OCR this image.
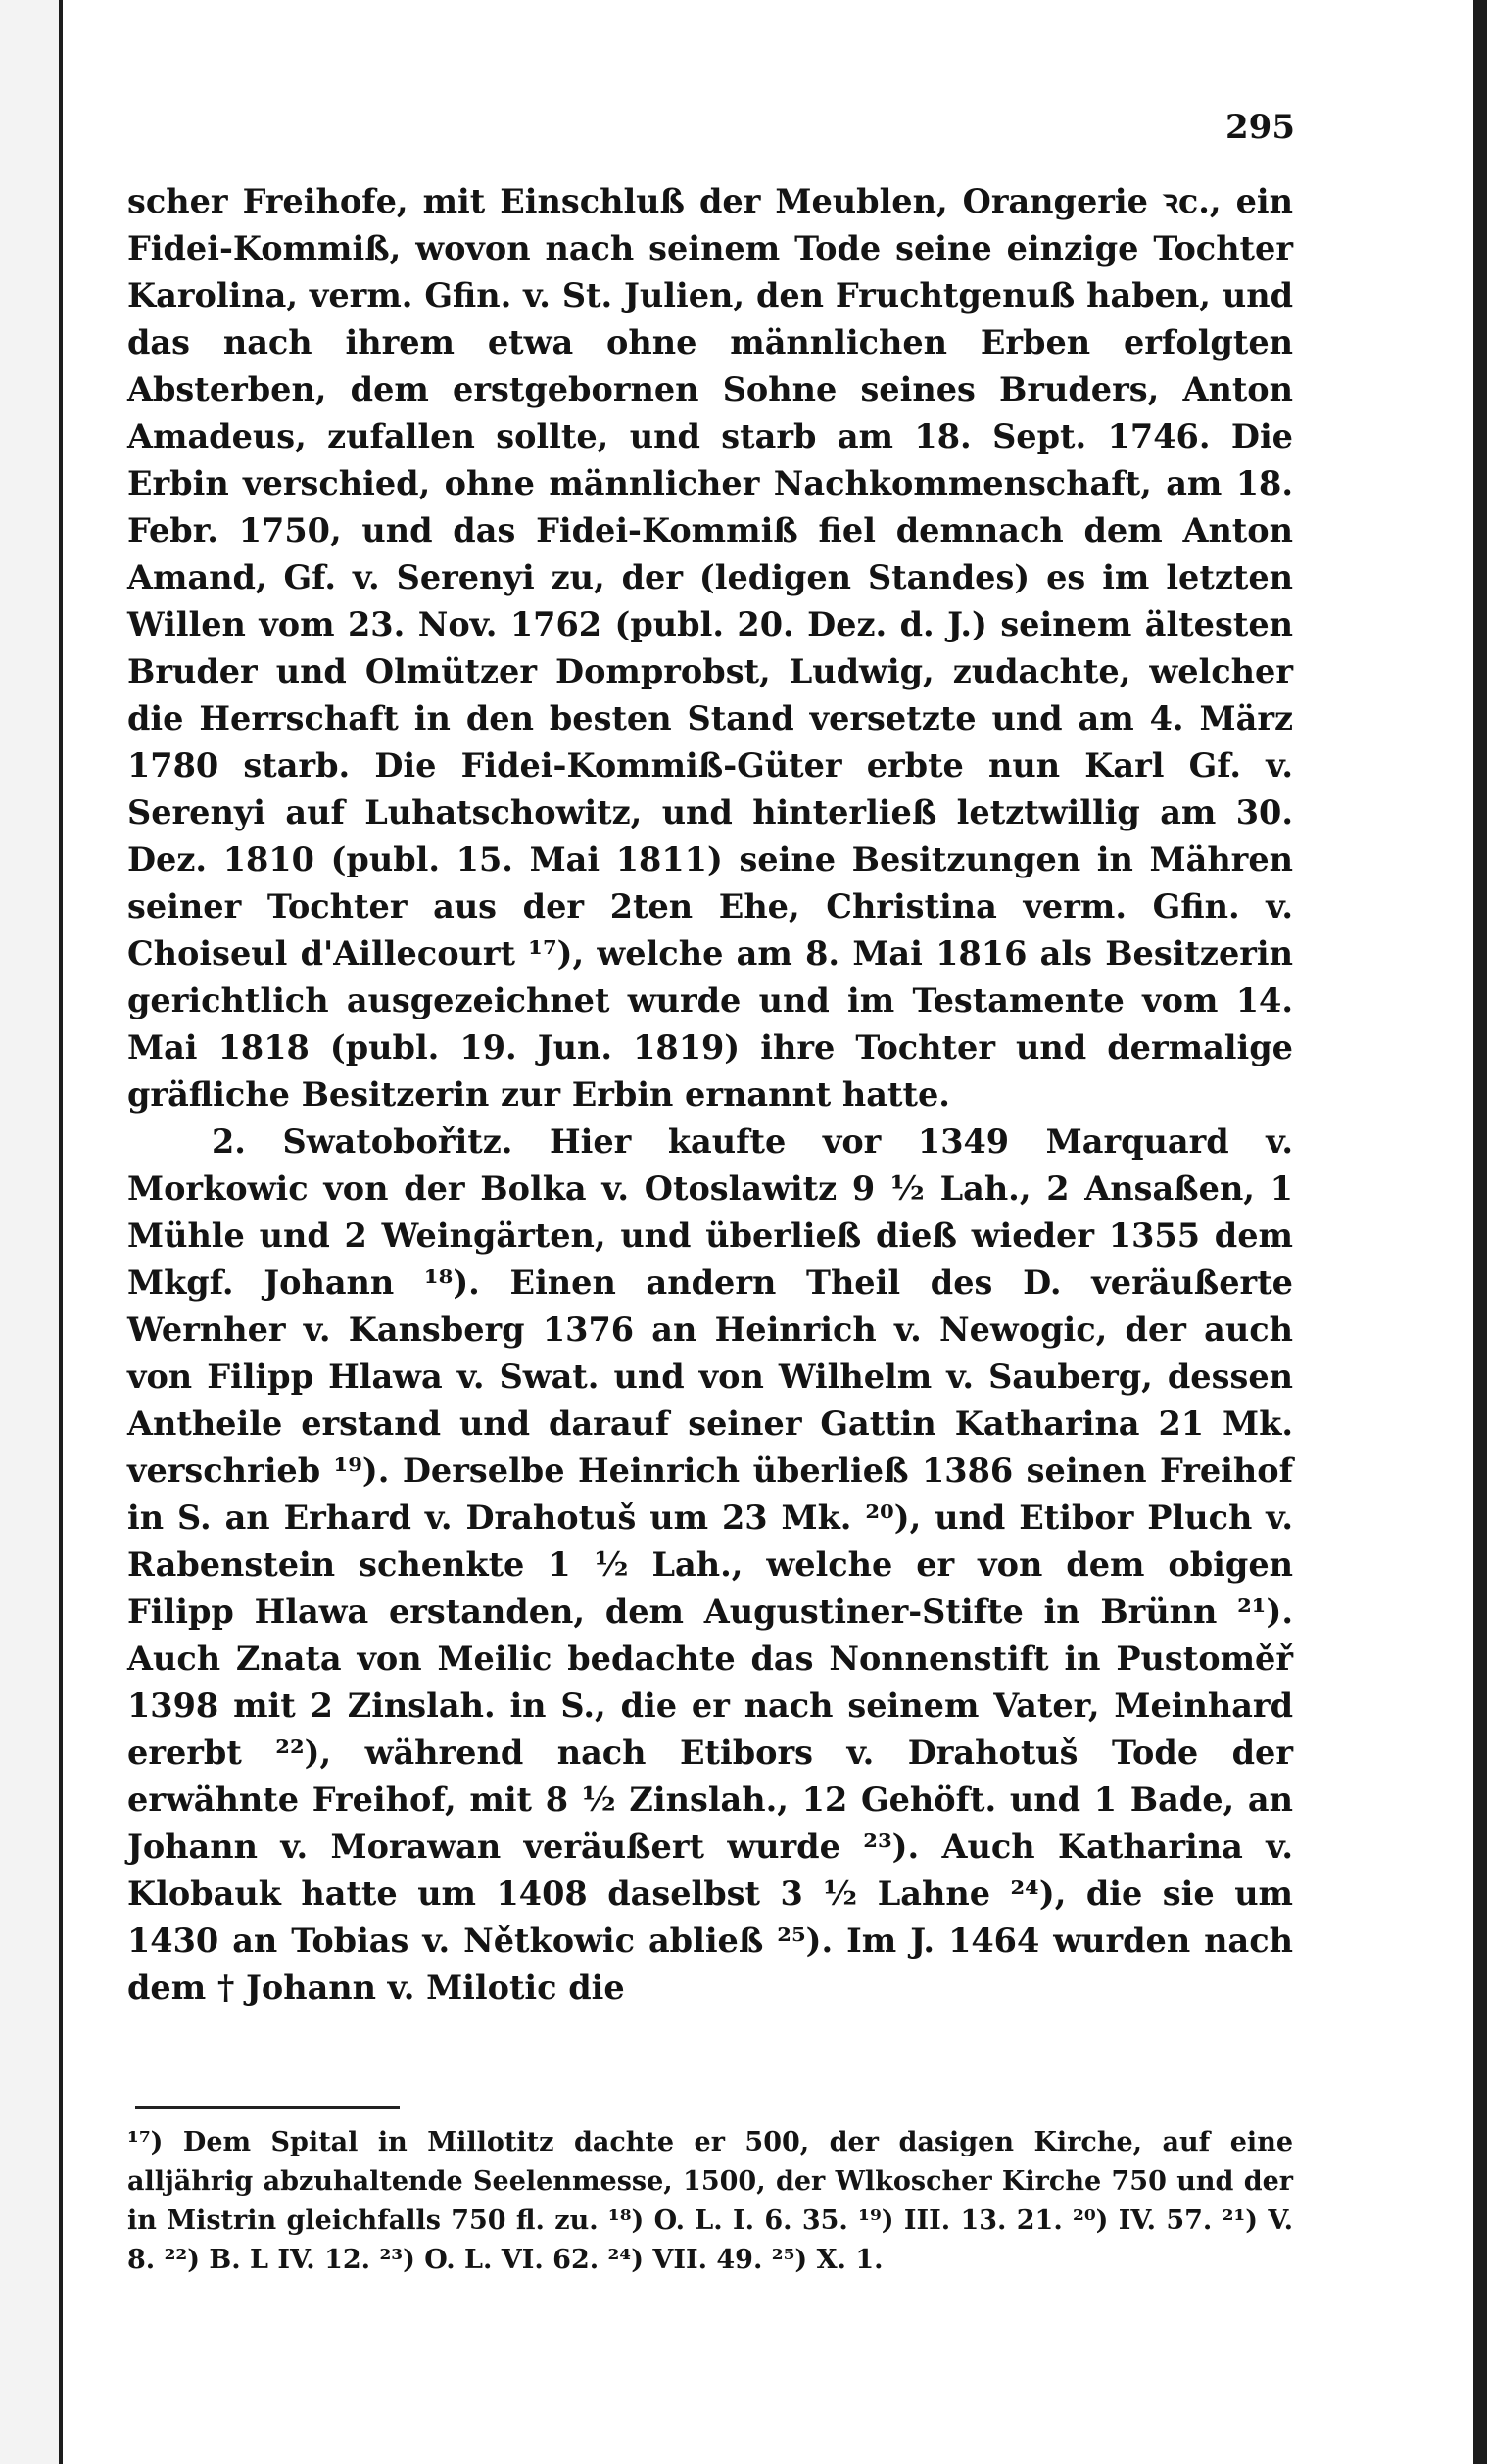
295

scher Freihofe, mit Einschluß der Meublen, Orangerie ꝛc., ein Fidei-Kommiß, wovon nach seinem Tode seine einzige Tochter Karolina, verm. Gfin. v. St. Julien, den Fruchtgenuß haben, und das nach ihrem etwa ohne männlichen Erben erfolgten Absterben, dem erstgebornen Sohne seines Bruders, Anton Amadeus, zufallen sollte, und starb am 18. Sept. 1746. Die Erbin verschied, ohne männlicher Nachkommenschaft, am 18. Febr. 1750, und das Fidei-Kommiß fiel demnach dem Anton Amand, Gf. v. Serenyi zu, der (ledigen Standes) es im letzten Willen vom 23. Nov. 1762 (publ. 20. Dez. d. J.) seinem ältesten Bruder und Olmützer Domprobst, Ludwig, zudachte, welcher die Herrschaft in den besten Stand versetzte und am 4. März 1780 starb. Die Fidei-Kommiß-Güter erbte nun Karl Gf. v. Serenyi auf Luhatschowitz, und hinterließ letztwillig am 30. Dez. 1810 (publ. 15. Mai 1811) seine Besitzungen in Mähren seiner Tochter aus der 2ten Ehe, Christina verm. Gfin. v. Choiseul d'Aillecourt ¹⁷), welche am 8. Mai 1816 als Besitzerin gerichtlich ausgezeichnet wurde und im Testamente vom 14. Mai 1818 (publ. 19. Jun. 1819) ihre Tochter und dermalige gräfliche Besitzerin zur Erbin ernannt hatte.

2. Swatobořitz. Hier kaufte vor 1349 Marquard v. Morkowic von der Bolka v. Otoslawitz 9 ½ Lah., 2 Ansaßen, 1 Mühle und 2 Weingärten, und überließ dieß wieder 1355 dem Mkgf. Johann ¹⁸). Einen andern Theil des D. veräußerte Wernher v. Kansberg 1376 an Heinrich v. Newogic, der auch von Filipp Hlawa v. Swat. und von Wilhelm v. Sauberg, dessen Antheile erstand und darauf seiner Gattin Katharina 21 Mk. verschrieb ¹⁹). Derselbe Heinrich überließ 1386 seinen Freihof in S. an Erhard v. Drahotuš um 23 Mk. ²⁰), und Etibor Pluch v. Rabenstein schenkte 1 ½ Lah., welche er von dem obigen Filipp Hlawa erstanden, dem Augustiner-Stifte in Brünn ²¹). Auch Znata von Meilic bedachte das Nonnenstift in Pustoměř 1398 mit 2 Zinslah. in S., die er nach seinem Vater, Meinhard ererbt ²²), während nach Etibors v. Drahotuš Tode der erwähnte Freihof, mit 8 ½ Zinslah., 12 Gehöft. und 1 Bade, an Johann v. Morawan veräußert wurde ²³). Auch Katharina v. Klobauk hatte um 1408 daselbst 3 ½ Lahne ²⁴), die sie um 1430 an Tobias v. Nětkowic abließ ²⁵). Im J. 1464 wurden nach dem † Johann v. Milotic die

¹⁷) Dem Spital in Millotitz dachte er 500, der dasigen Kirche, auf eine alljährig abzuhaltende Seelenmesse, 1500, der Wlkoscher Kirche 750 und der in Mistrin gleichfalls 750 fl. zu. ¹⁸) O. L. I. 6. 35. ¹⁹) III. 13. 21. ²⁰) IV. 57. ²¹) V. 8. ²²) B. L IV. 12. ²³) O. L. VI. 62. ²⁴) VII. 49. ²⁵) X. 1.
